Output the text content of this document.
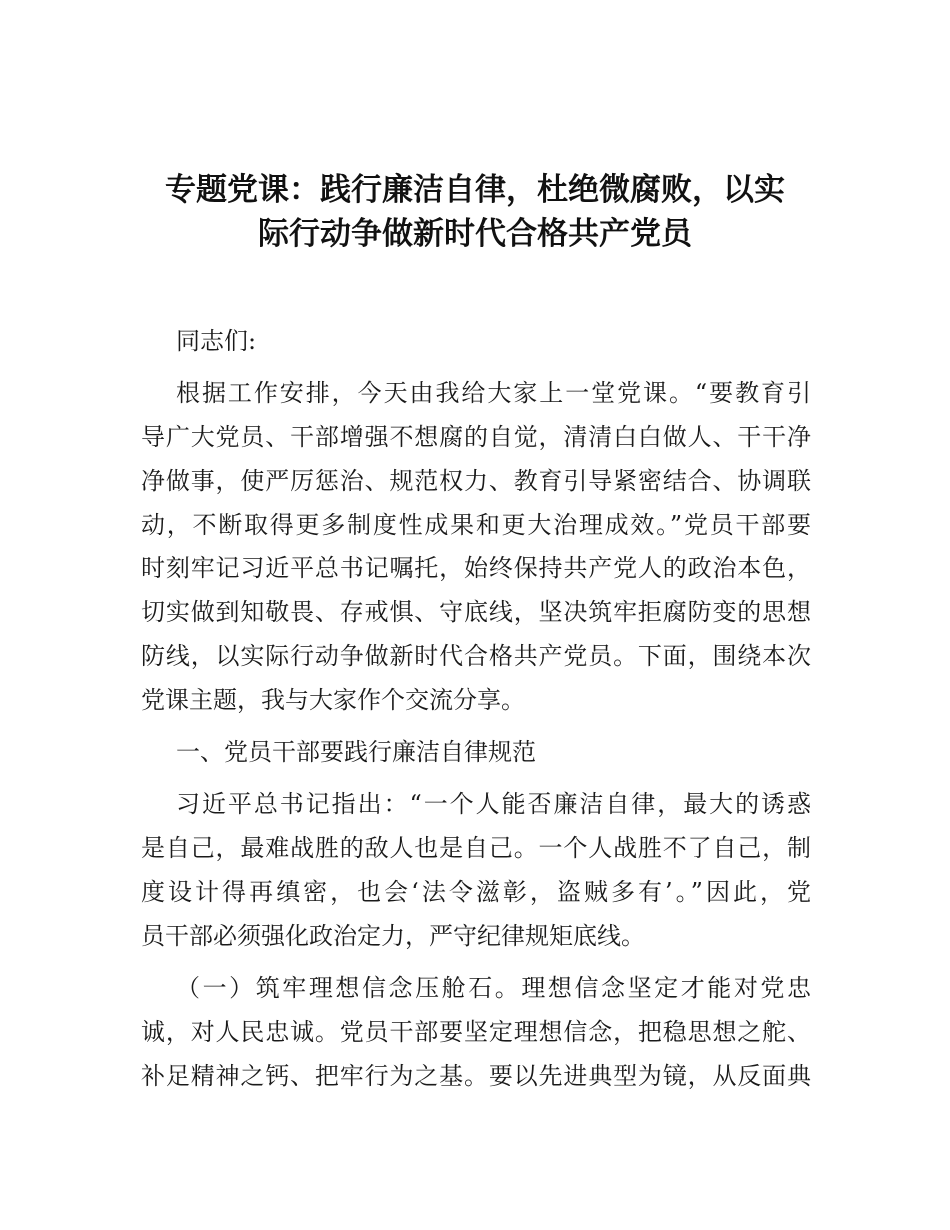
专题党课：践行廉洁自律，杜绝微腐败，以实
际行动争做新时代合格共产党员
同志们:
根据工作安排，今天由我给大家上一堂党课。“要教育引
导广大党员、干部增强不想腐的自觉，清清白白做人、干干净
净做事，使严厉惩治、规范权力、教育引导紧密结合、协调联
动，不断取得更多制度性成果和更大治理成效。”党员干部要
时刻牢记习近平总书记嘱托，始终保持共产党人的政治本色，
切实做到知敬畏、存戒惧、守底线，坚决筑牢拒腐防变的思想
防线，以实际行动争做新时代合格共产党员。下面，围绕本次
党课主题，我与大家作个交流分享。
一、党员干部要践行廉洁自律规范
习近平总书记指出：“一个人能否廉洁自律，最大的诱惑
是自己，最难战胜的敌人也是自己。一个人战胜不了自己，制
度设计得再缜密，也会‘法令滋彰，盗贼多有’。”因此，党
员干部必须强化政治定力，严守纪律规矩底线。
（一）筑牢理想信念压舱石。理想信念坚定才能对党忠
诚，对人民忠诚。党员干部要坚定理想信念，把稳思想之舵、
补足精神之钙、把牢行为之基。要以先进典型为镜，从反面典
